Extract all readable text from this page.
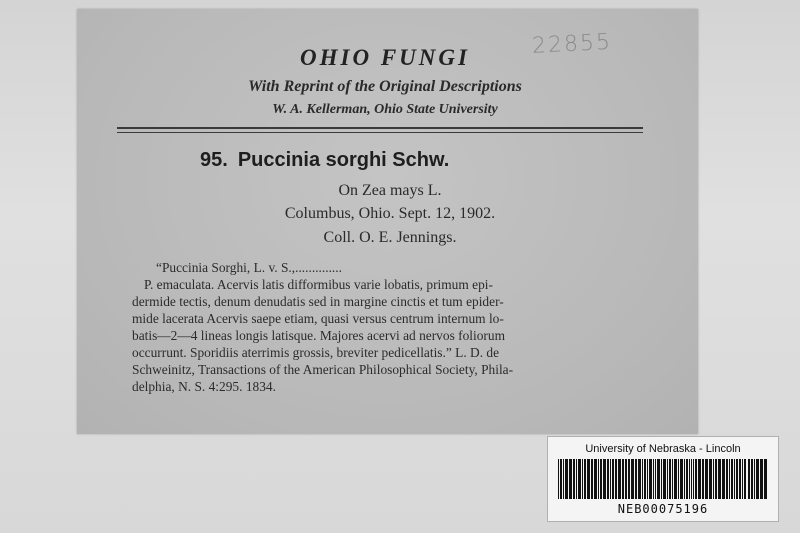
22855
OHIO FUNGI
With Reprint of the Original Descriptions
W. A. Kellerman, Ohio State University
95. Puccinia sorghi Schw.
On Zea mays L.
Columbus, Ohio. Sept. 12, 1902.
Coll. O. E. Jennings.
“Puccinia Sorghi, L. v. S.,..............
P. emaculata. Acervis latis difformibus varie lobatis, primum epi-
dermide tectis, denum denudatis sed in margine cinctis et tum epider-
mide lacerata Acervis saepe etiam, quasi versus centrum internum lo-
batis—2—4 lineas longis latisque. Majores acervi ad nervos foliorum
occurrunt. Sporidiis aterrimis grossis, breviter pedicellatis.” L. D. de
Schweinitz, Transactions of the American Philosophical Society, Phila-
delphia, N. S. 4:295. 1834.
University of Nebraska - Lincoln
NEB00075196
